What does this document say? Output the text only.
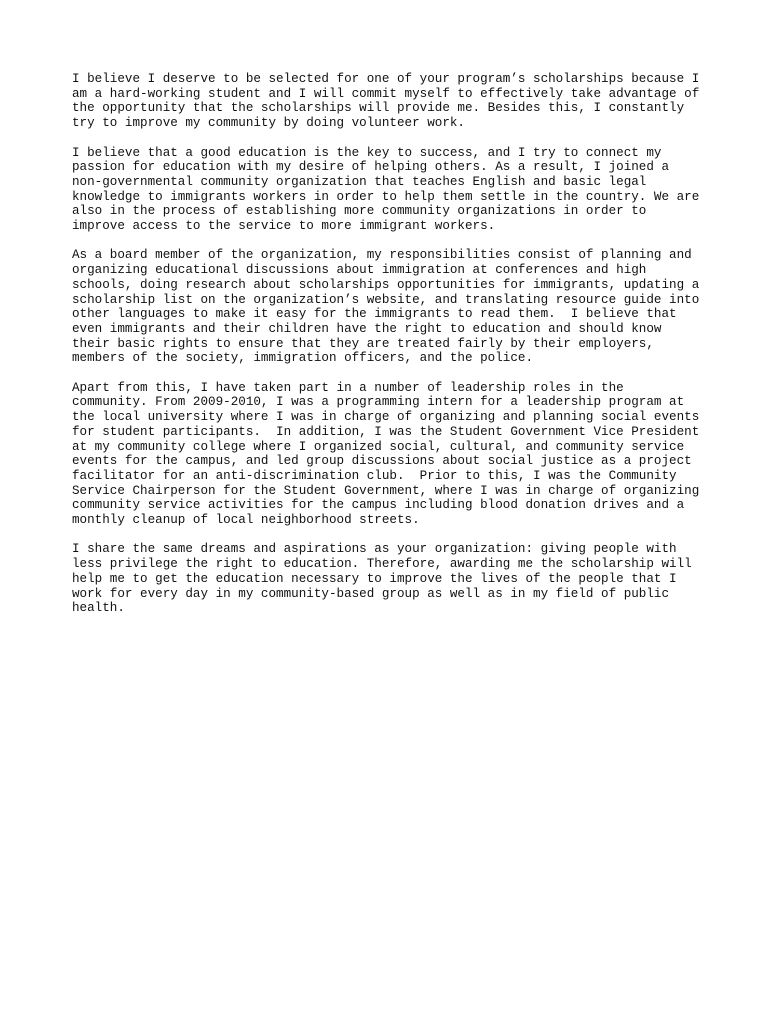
I believe I deserve to be selected for one of your program’s scholarships because I
am a hard-working student and I will commit myself to effectively take advantage of
the opportunity that the scholarships will provide me. Besides this, I constantly
try to improve my community by doing volunteer work.

I believe that a good education is the key to success, and I try to connect my
passion for education with my desire of helping others. As a result, I joined a
non-governmental community organization that teaches English and basic legal
knowledge to immigrants workers in order to help them settle in the country. We are
also in the process of establishing more community organizations in order to
improve access to the service to more immigrant workers.

As a board member of the organization, my responsibilities consist of planning and
organizing educational discussions about immigration at conferences and high
schools, doing research about scholarships opportunities for immigrants, updating a
scholarship list on the organization’s website, and translating resource guide into
other languages to make it easy for the immigrants to read them.  I believe that
even immigrants and their children have the right to education and should know
their basic rights to ensure that they are treated fairly by their employers,
members of the society, immigration officers, and the police.

Apart from this, I have taken part in a number of leadership roles in the
community. From 2009-2010, I was a programming intern for a leadership program at
the local university where I was in charge of organizing and planning social events
for student participants.  In addition, I was the Student Government Vice President
at my community college where I organized social, cultural, and community service
events for the campus, and led group discussions about social justice as a project
facilitator for an anti-discrimination club.  Prior to this, I was the Community
Service Chairperson for the Student Government, where I was in charge of organizing
community service activities for the campus including blood donation drives and a
monthly cleanup of local neighborhood streets.

I share the same dreams and aspirations as your organization: giving people with
less privilege the right to education. Therefore, awarding me the scholarship will
help me to get the education necessary to improve the lives of the people that I
work for every day in my community-based group as well as in my field of public
health.
